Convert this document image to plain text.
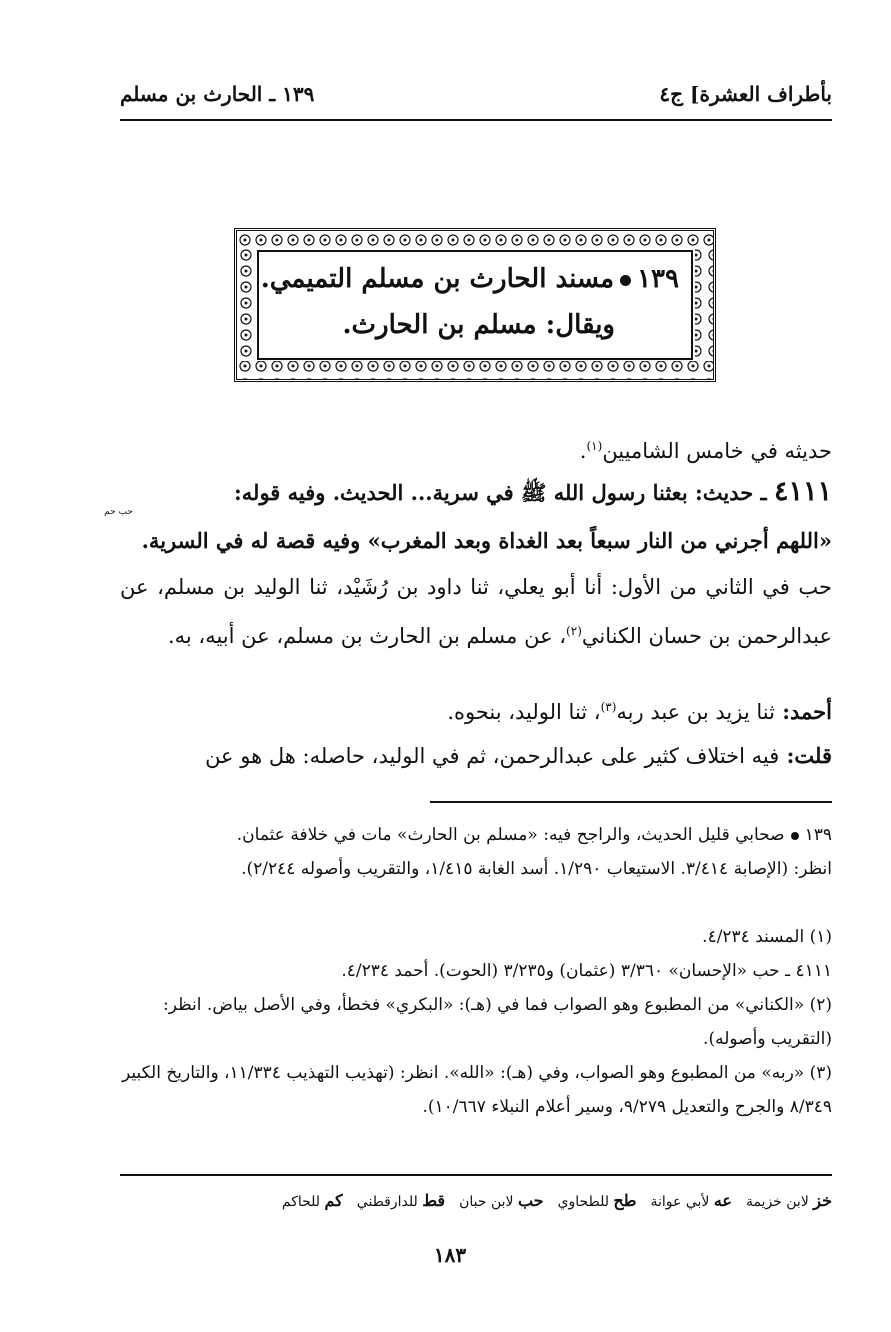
بأطراف العشرة] ج٤
١٣٩ ـ الحارث بن مسلم
١٣٩مسند الحارث بن مسلم التميمي.
ويقال: مسلم بن الحارث.
حديثه في خامس الشاميين$^{(١)}$.
٤١١١ ـ حديث: بعثنا رسول الله ﷺ في سرية... الحديث. وفيه قوله:
حب حم
«اللهم أجرني من النار سبعاً بعد الغداة وبعد المغرب» وفيه قصة له في السرية.
حب في الثاني من الأول: أنا أبو يعلي، ثنا داود بن رُشَيْد، ثنا الوليد بن مسلم، عن عبدالرحمن بن حسان الكناني$^{(٢)}$، عن مسلم بن الحارث بن مسلم، عن أبيه، به.
أحمد: ثنا يزيد بن عبد ربه$^{(٣)}$، ثنا الوليد، بنحوه.
قلت: فيه اختلاف كثير على عبدالرحمن، ثم في الوليد، حاصله: هل هو عن
١٣٩صحابي قليل الحديث، والراجح فيه: «مسلم بن الحارث» مات في خلافة عثمان.
انظر: (الإصابة ٣/٤١٤. الاستيعاب ١/٢٩٠. أسد الغابة ١/٤١٥، والتقريب وأصوله ٢/٢٤٤).
(١) المسند ٤/٢٣٤.
٤١١١ ـ حب «الإحسان» ٣/٣٦٠ (عثمان) و٣/٢٣٥ (الحوت). أحمد ٤/٢٣٤.
(٢) «الكناني» من المطبوع وهو الصواب فما في (هـ): «البكري» فخطأ، وفي الأصل بياض. انظر: (التقريب وأصوله).
(٣) «ربه» من المطبوع وهو الصواب، وفي (هـ): «الله». انظر: (تهذيب التهذيب ١١/٣٣٤، والتاريخ الكبير ٨/٣٤٩ والجرح والتعديل ٩/٢٧٩، وسير أعلام النبلاء ١٠/٦٦٧).
خز لابن خزيمة
عه لأبي عوانة
طح للطحاوي
حب لابن حبان
قط للدارقطني
كم للحاكم
١٨٣
